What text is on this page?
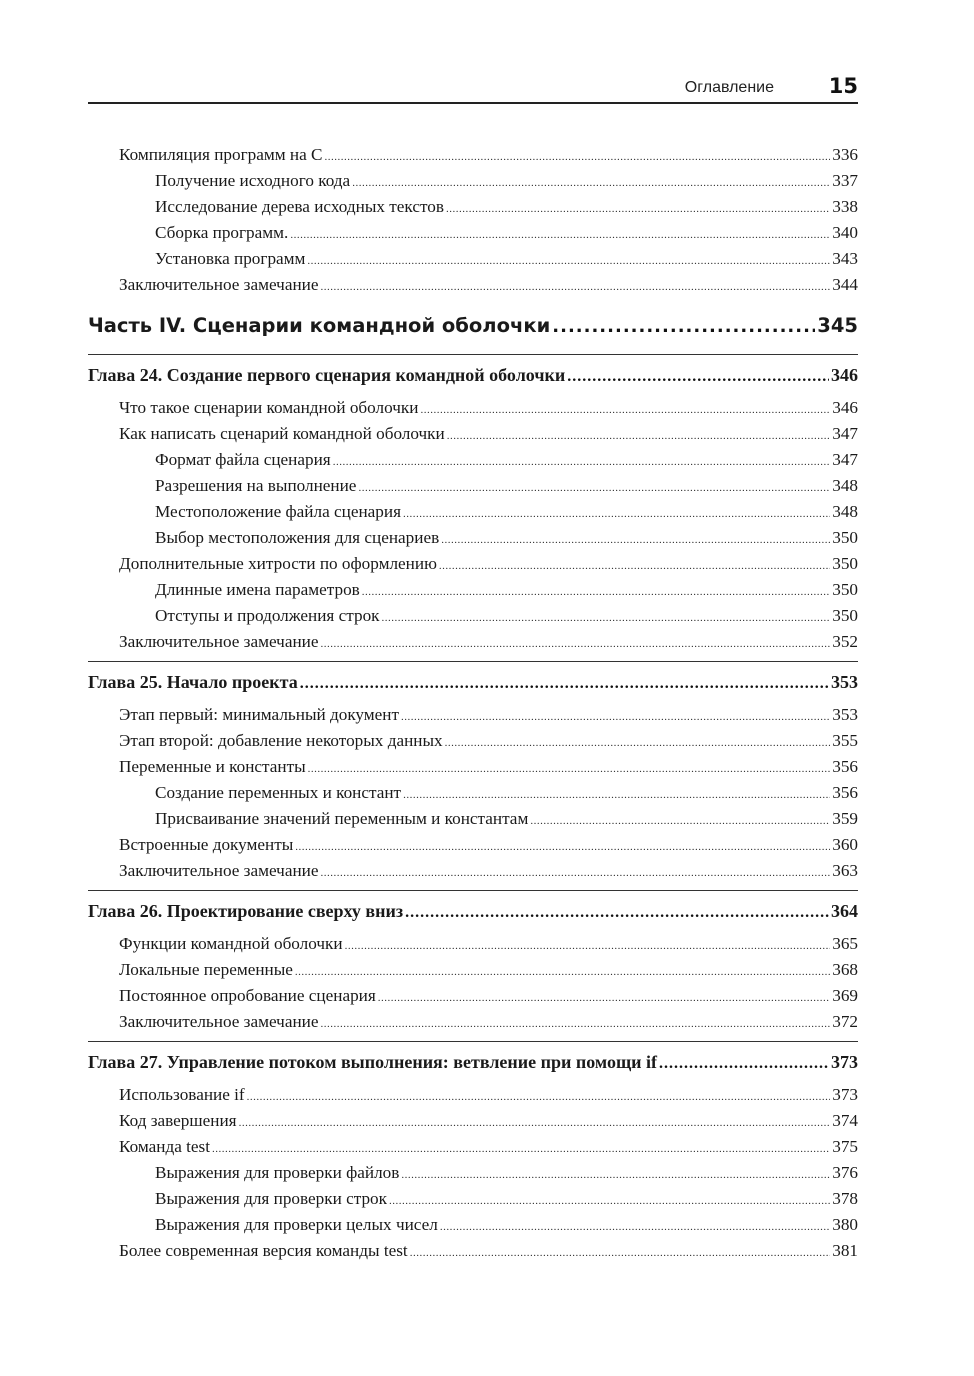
Оглавление	15
Компиляция программ на С .....	336
Получение исходного кода .....	337
Исследование дерева исходных текстов .....	338
Сборка программ. .....	340
Установка программ .....	343
Заключительное замечание .....	344
Часть IV. Сценарии командной оболочки .....	345
Глава 24. Создание первого сценария командной оболочки .....	346
Что такое сценарии командной оболочки .....	346
Как написать сценарий командной оболочки .....	347
Формат файла сценария .....	347
Разрешения на выполнение .....	348
Местоположение файла сценария .....	348
Выбор местоположения для сценариев .....	350
Дополнительные хитрости по оформлению .....	350
Длинные имена параметров .....	350
Отступы и продолжения строк .....	350
Заключительное замечание .....	352
Глава 25. Начало проекта .....	353
Этап первый: минимальный документ .....	353
Этап второй: добавление некоторых данных .....	355
Переменные и константы .....	356
Создание переменных и констант .....	356
Присваивание значений переменным и константам .....	359
Встроенные документы .....	360
Заключительное замечание .....	363
Глава 26. Проектирование сверху вниз .....	364
Функции командной оболочки .....	365
Локальные переменные .....	368
Постоянное опробование сценария .....	369
Заключительное замечание .....	372
Глава 27. Управление потоком выполнения: ветвление при помощи if .....	373
Использование if .....	373
Код завершения .....	374
Команда test .....	375
Выражения для проверки файлов .....	376
Выражения для проверки строк .....	378
Выражения для проверки целых чисел .....	380
Более современная версия команды test .....	381
